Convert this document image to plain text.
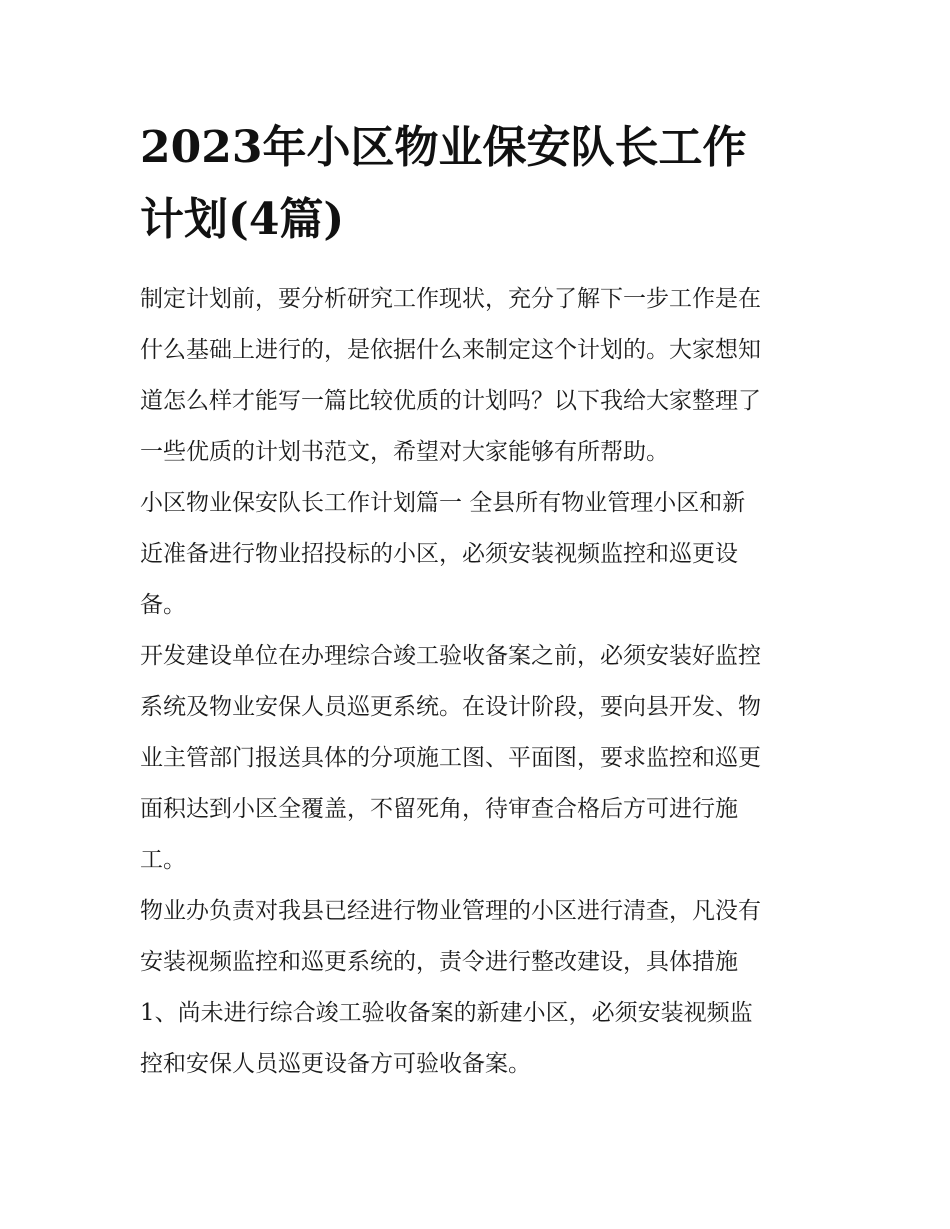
2023年小区物业保安队长工作
计划(4篇)
制定计划前，要分析研究工作现状，充分了解下一步工作是在
什么基础上进行的，是依据什么来制定这个计划的。大家想知
道怎么样才能写一篇比较优质的计划吗？以下我给大家整理了
一些优质的计划书范文，希望对大家能够有所帮助。
小区物业保安队长工作计划篇一 全县所有物业管理小区和新
近准备进行物业招投标的小区，必须安装视频监控和巡更设
备。
开发建设单位在办理综合竣工验收备案之前，必须安装好监控
系统及物业安保人员巡更系统。在设计阶段，要向县开发、物
业主管部门报送具体的分项施工图、平面图，要求监控和巡更
面积达到小区全覆盖，不留死角，待审查合格后方可进行施
工。
物业办负责对我县已经进行物业管理的小区进行清查，凡没有
安装视频监控和巡更系统的，责令进行整改建设，具体措施
1、尚未进行综合竣工验收备案的新建小区，必须安装视频监
控和安保人员巡更设备方可验收备案。
